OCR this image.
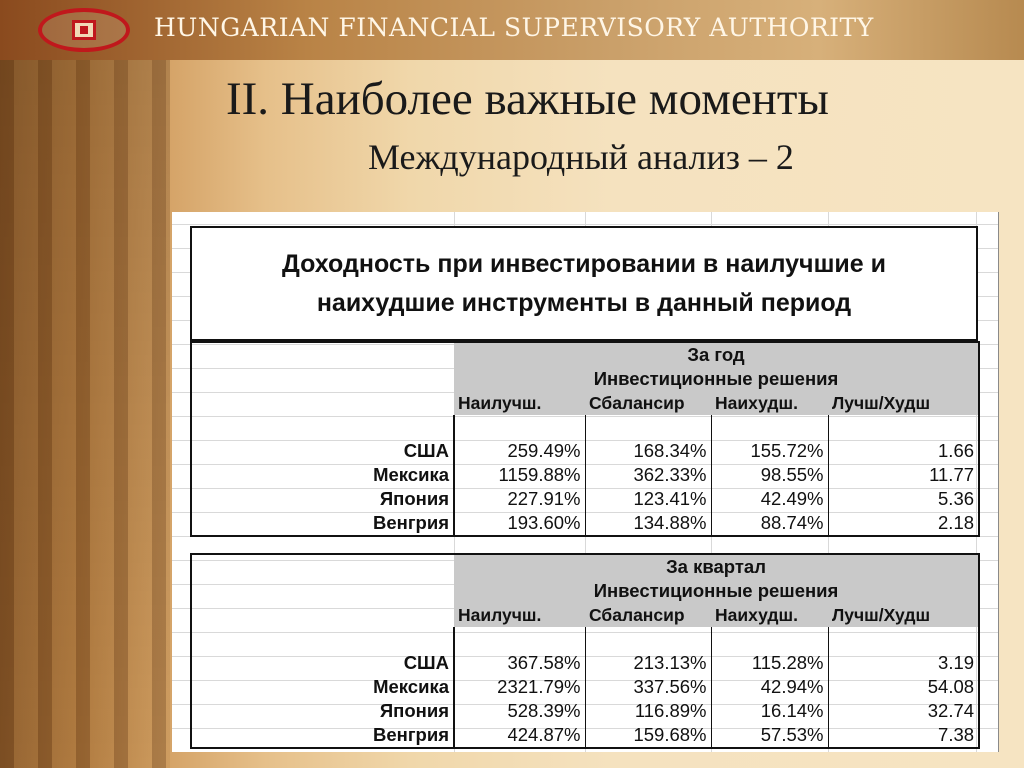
HUNGARIAN FINANCIAL SUPERVISORY AUTHORITY
II. Наиболее важные моменты
Международный анализ – 2
Доходность при инвестировании в наилучшие и наихудшие инструменты в данный период
	За год			
	Инвестиционные решения			
	Наилучш.	Сбалансир	Наихудш.	Лучш/Худш

США	259.49%	168.34%	155.72%	1.66
Мексика	1159.88%	362.33%	98.55%	11.77
Япония	227.91%	123.41%	42.49%	5.36
Венгрия	193.60%	134.88%	88.74%	2.18
	За квартал			
	Инвестиционные решения			
	Наилучш.	Сбалансир	Наихудш.	Лучш/Худш

США	367.58%	213.13%	115.28%	3.19
Мексика	2321.79%	337.56%	42.94%	54.08
Япония	528.39%	116.89%	16.14%	32.74
Венгрия	424.87%	159.68%	57.53%	7.38
